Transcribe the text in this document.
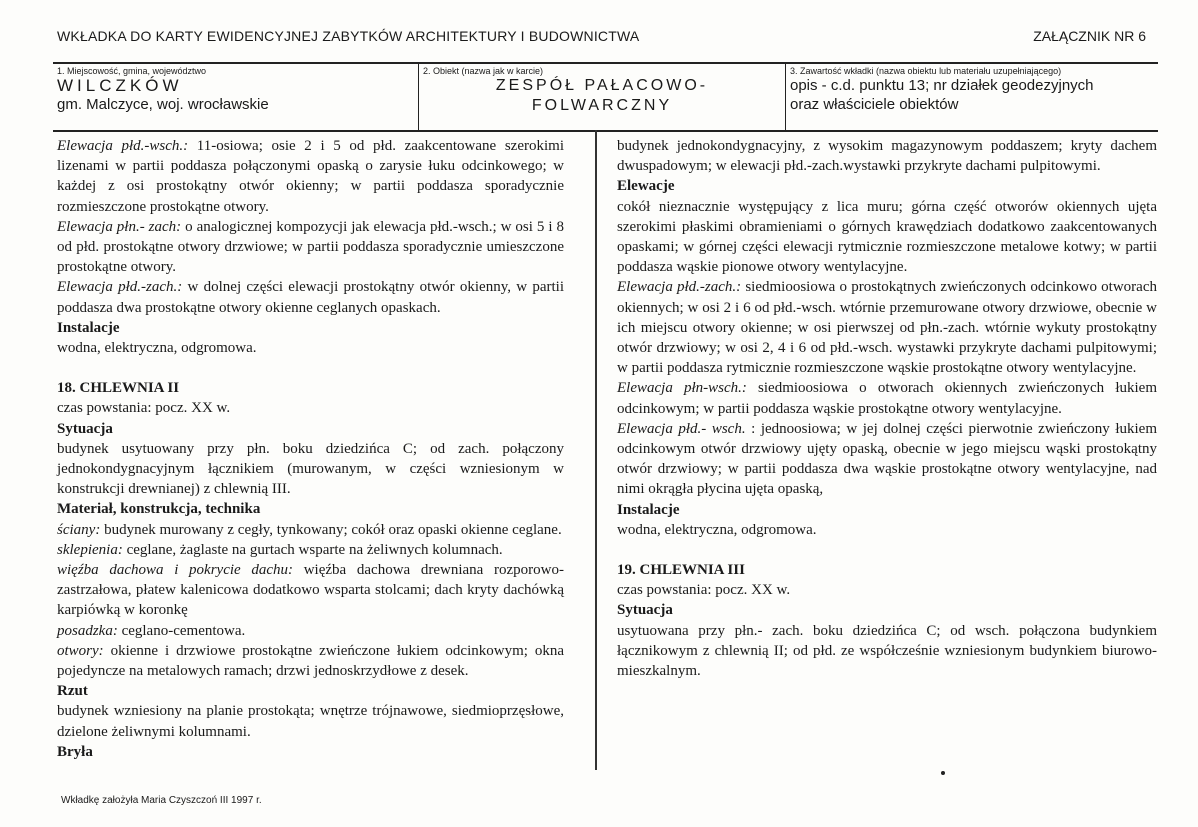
WKŁADKA DO KARTY EWIDENCYJNEJ ZABYTKÓW ARCHITEKTURY I BUDOWNICTWA	ZAŁĄCZNIK NR 6
1. Miejscowość, gmina, województwo
WILCZKÓW
gm. Malczyce, woj. wrocławskie
2. Obiekt (nazwa jak w karcie)
ZESPÓŁ PAŁACOWO-
FOLWARCZNY
3. Zawartość wkładki (nazwa obiektu lub materiału uzupełniającego)
opis - c.d. punktu 13; nr działek geodezyjnych
oraz właściciele obiektów

Elewacja płd.-wsch.: 11-osiowa; osie 2 i 5 od płd. zaakcentowane szerokimi lizenami w partii poddasza połączonymi opaską o zarysie łuku odcinkowego; w każdej z osi prostokątny otwór okienny; w partii poddasza sporadycznie rozmieszczone prostokątne otwory.

Elewacja płn.- zach: o analogicznej kompozycji jak elewacja płd.-wsch.; w osi 5 i 8 od płd. prostokątne otwory drzwiowe; w partii poddasza sporadycznie umieszczone prostokątne otwory.

Elewacja płd.-zach.: w dolnej części elewacji prostokątny otwór okienny, w partii poddasza dwa prostokątne otwory okienne ceglanych opaskach.

Instalacje

wodna, elektryczna, odgromowa.

18. CHLEWNIA II

czas powstania: pocz. XX w.

Sytuacja

budynek usytuowany przy płn. boku dziedzińca C; od zach. połączony jednokondygnacyjnym łącznikiem (murowanym, w części wzniesionym w konstrukcji drewnianej) z chlewnią III.

Materiał, konstrukcja, technika

ściany: budynek murowany z cegły, tynkowany; cokół oraz opaski okienne ceglane.

sklepienia: ceglane, żaglaste na gurtach wsparte na żeliwnych kolumnach.

więźba dachowa i pokrycie dachu: więźba dachowa drewniana rozporowo-zastrzałowa, płatew kalenicowa dodatkowo wsparta stolcami; dach kryty dachówką karpiówką w koronkę

posadzka: ceglano-cementowa.

otwory: okienne i drzwiowe prostokątne zwieńczone łukiem odcinkowym; okna pojedyncze na metalowych ramach; drzwi jednoskrzydłowe z desek.

Rzut

budynek wzniesiony na planie prostokąta; wnętrze trójnawowe, siedmioprzęsłowe, dzielone żeliwnymi kolumnami.

Bryła

budynek jednokondygnacyjny, z wysokim magazynowym poddaszem; kryty dachem dwuspadowym; w elewacji płd.-zach.wystawki przykryte dachami pulpitowymi.

Elewacje

cokół nieznacznie występujący z lica muru; górna część otworów okiennych ujęta szerokimi płaskimi obramieniami o górnych krawędziach dodatkowo zaakcentowanych opaskami; w górnej części elewacji rytmicznie rozmieszczone metalowe kotwy; w partii poddasza wąskie pionowe otwory wentylacyjne.

Elewacja płd.-zach.: siedmioosiowa o prostokątnych zwieńczonych odcinkowo otworach okiennych; w osi 2 i 6 od płd.-wsch. wtórnie przemurowane otwory drzwiowe, obecnie w ich miejscu otwory okienne; w osi pierwszej od płn.-zach. wtórnie wykuty prostokątny otwór drzwiowy; w osi 2, 4 i 6 od płd.-wsch. wystawki przykryte dachami pulpitowymi; w partii poddasza rytmicznie rozmieszczone wąskie prostokątne otwory wentylacyjne.

Elewacja płn-wsch.: siedmioosiowa o otworach okiennych zwieńczonych łukiem odcinkowym; w partii poddasza wąskie prostokątne otwory wentylacyjne.

Elewacja płd.- wsch. : jednoosiowa; w jej dolnej części pierwotnie zwieńczony łukiem odcinkowym otwór drzwiowy ujęty opaską, obecnie w jego miejscu wąski prostokątny otwór drzwiowy; w partii poddasza dwa wąskie prostokątne otwory wentylacyjne, nad nimi okrągła płycina ujęta opaską,

Instalacje

wodna, elektryczna, odgromowa.

19. CHLEWNIA III

czas powstania: pocz. XX w.

Sytuacja

usytuowana przy płn.- zach. boku dziedzińca C; od wsch. połączona budynkiem łącznikowym z chlewnią II; od płd. ze współcześnie wzniesionym budynkiem biurowo-mieszkalnym.

Wkładkę założyła Maria Czyszczoń III 1997 r.
